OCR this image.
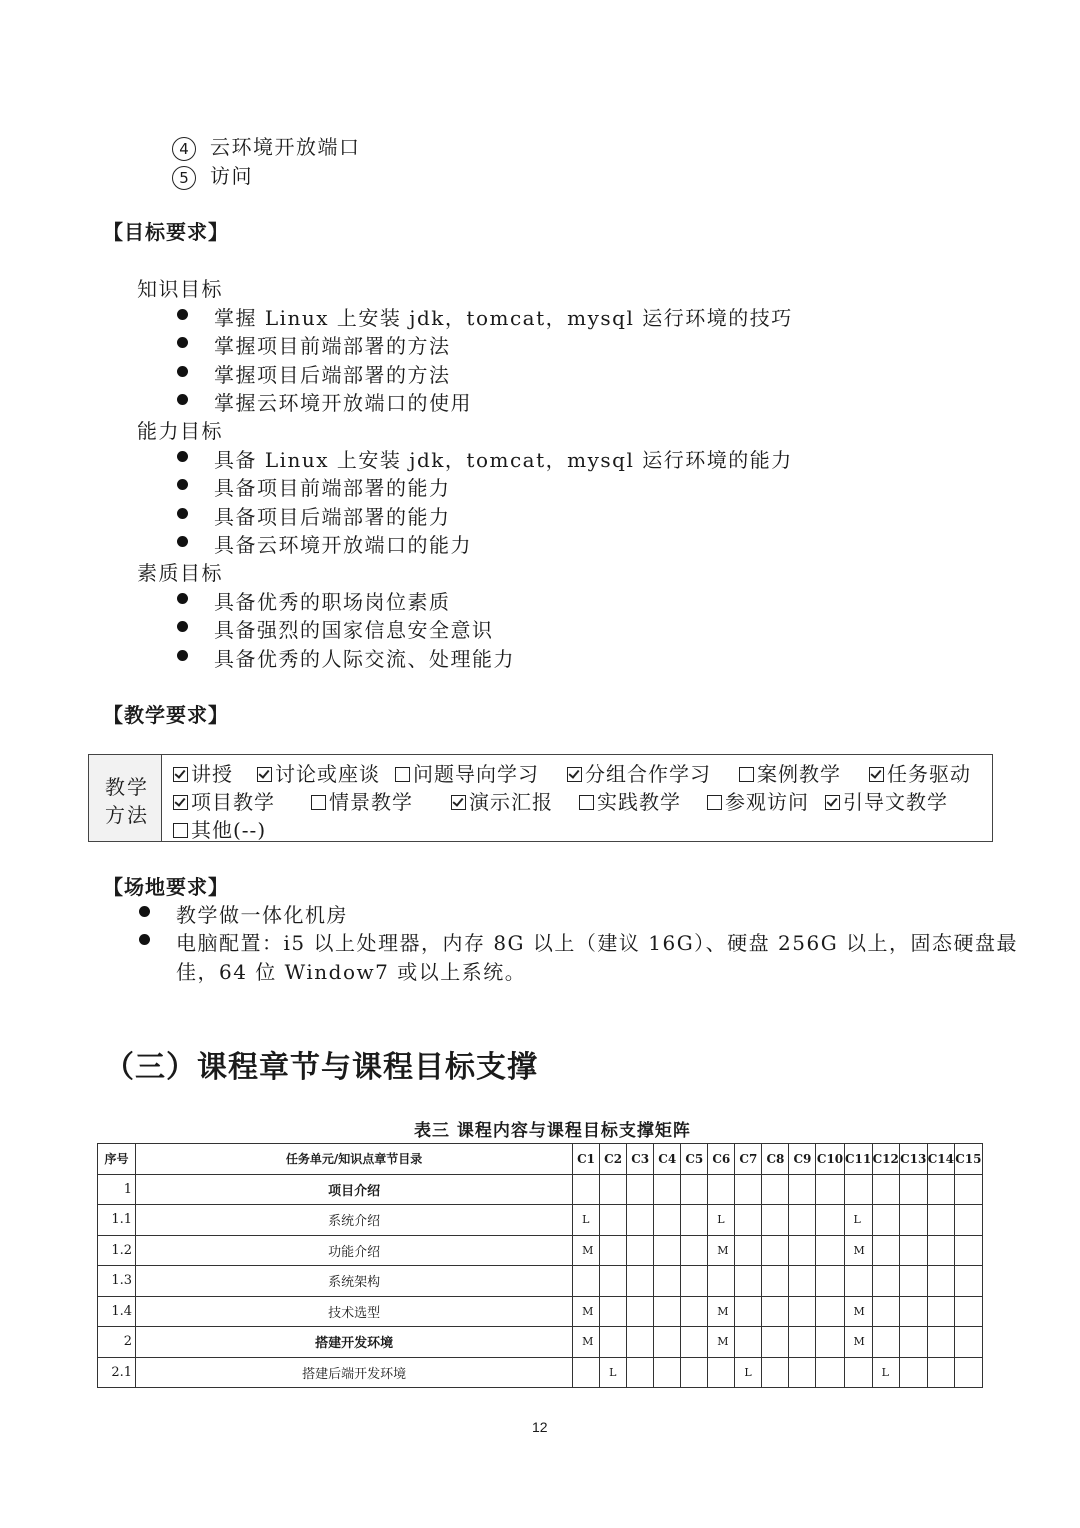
4 云环境开放端口
5 访问
【目标要求】
知识目标
掌握 Linux 上安装 jdk，tomcat，mysql 运行环境的技巧
掌握项目前端部署的方法
掌握项目后端部署的方法
掌握云环境开放端口的使用
能力目标
具备 Linux 上安装 jdk，tomcat，mysql 运行环境的能力
具备项目前端部署的能力
具备项目后端部署的能力
具备云环境开放端口的能力
素质目标
具备优秀的职场岗位素质
具备强烈的国家信息安全意识
具备优秀的人际交流、处理能力
【教学要求】
教学
方法
讲授	讨论或座谈	问题导向学习	分组合作学习	案例教学	任务驱动
项目教学	情景教学	演示汇报	实践教学	参观访问	引导文教学
其他(--)
【场地要求】
教学做一体化机房
电脑配置：i5 以上处理器，内存 8G 以上（建议 16G）、硬盘 256G 以上，固态硬盘最
佳，64 位 Window7 或以上系统。
（三）课程章节与课程目标支撑
表三 课程内容与课程目标支撑矩阵
序号	任务单元/知识点章节目录	C1	C2	C3	C4	C5	C6	C7	C8	C9	C10	C11	C12	C13	C14	C15
1	项目介绍															
1.1	系统介绍	L					L					L				
1.2	功能介绍	M					M					M				
1.3	系统架构															
1.4	技术选型	M					M					M				
2	搭建开发环境	M					M					M				
2.1	搭建后端开发环境		L					L					L			
12
